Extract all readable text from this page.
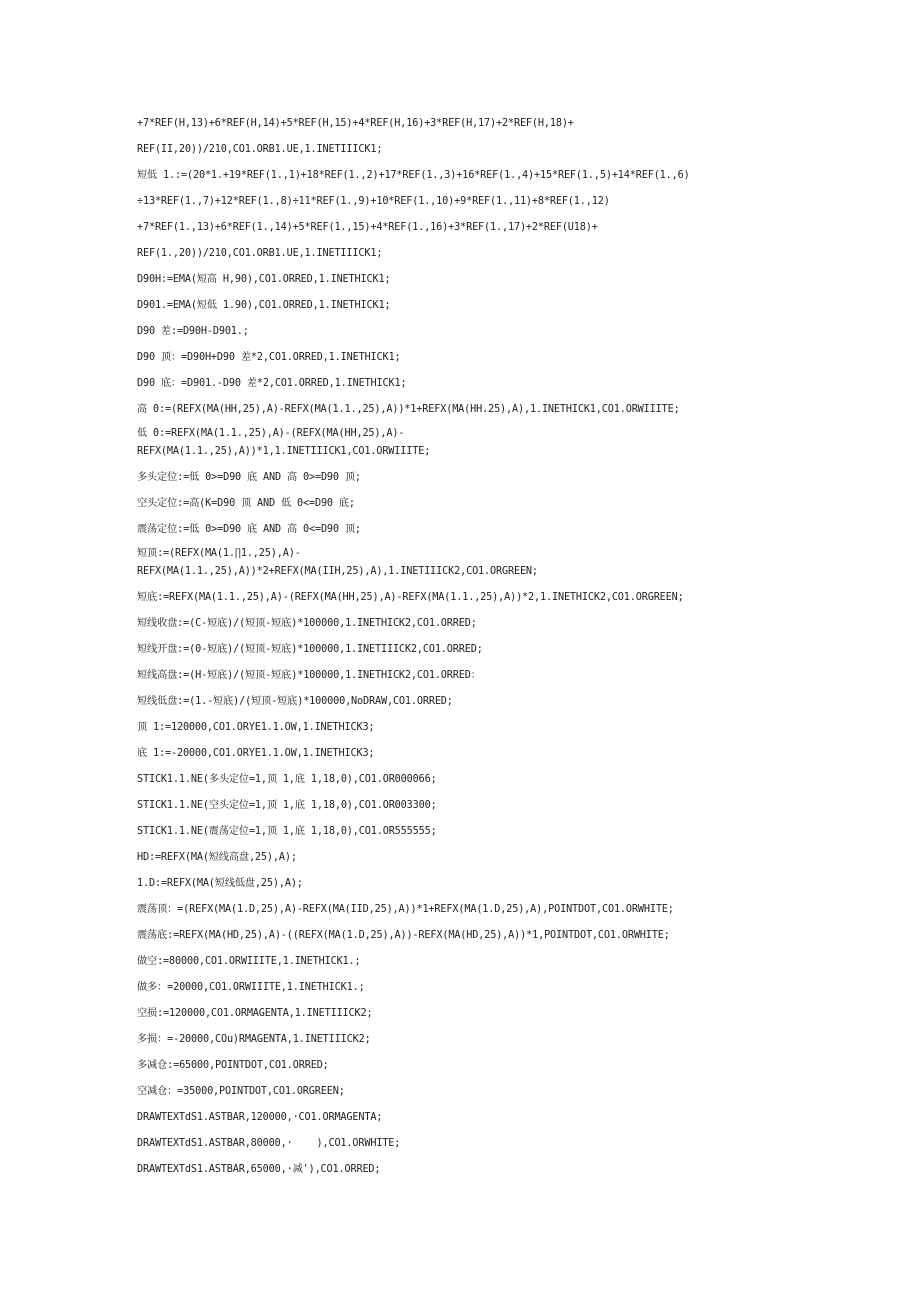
+7*REF(H,13)+6*REF(H,14)+5*REF(H,15)+4*REF(H,16)+3*REF(H,17)+2*REF(H,18)+
REF(II,20))/210,CO1.ORB1.UE,1.INETIIICK1;
短低 1.:=(20*1.+19*REF(1.,1)+18*REF(1.,2)+17*REF(1.,3)+16*REF(1.,4)+15*REF(1.,5)+14*REF(1.,6)
÷13*REF(1.,7)+12*REF(1.,8)÷11*REF(1.,9)+10*REF(1.,10)+9*REF(1.,11)+8*REF(1.,12)
+7*REF(1.,13)+6*REF(1.,14)+5*REF(1.,15)+4*REF(1.,16)+3*REF(1.,17)+2*REF(U18)+
REF(1.,20))/210,CO1.ORB1.UE,1.INETIIICK1;
D90H:=EMA(短高 H,90),CO1.ORRED,1.INETHICK1;
D901.=EMA(短低 1.90),CO1.ORRED,1.INETHICK1;
D90 差:=D90H-D901.;
D90 顶：=D90H+D90 差*2,CO1.ORRED,1.INETHICK1;
D90 底：=D901.-D90 差*2,CO1.ORRED,1.INETHICK1;
高 0:=(REFX(MA(HH,25),A)-REFX(MA(1.1.,25),A))*1+REFX(MA(HH.25),A),1.INETHICK1,CO1.ORWIIITE;
低 0:=REFX(MA(1.1.,25),A)-(REFX(MA(HH,25),A)-
REFX(MA(1.1.,25),A))*1,1.INETIIICK1,CO1.ORWIIITE;
多头定位:=低 0>=D90 底 AND 高 0>=D90 顶;
空头定位:=高(K=D90 顶 AND 低 0<=D90 底;
震荡定位:=低 0>=D90 底 AND 高 0<=D90 顶;
短顶:=(REFX(MA(1.∏1.,25),A)-
REFX(MA(1.1.,25),A))*2+REFX(MA(IIH,25),A),1.INETIIICK2,CO1.ORGREEN;
短底:=REFX(MA(1.1.,25),A)-(REFX(MA(HH,25),A)-REFX(MA(1.1.,25),A))*2,1.INETHICK2,CO1.ORGREEN;
短线收盘:=(C-短底)/(短顶-短底)*100000,1.INETHICK2,CO1.ORRED;
短线开盘:=(0-短底)/(短顶-短底)*100000,1.INETIIICK2,CO1.ORRED;
短线高盘:=(H-短底)/(短顶-短底)*100000,1.INETHICK2,CO1.ORRED：
短线低盘:=(1.-短底)/(短顶-短底)*100000,NoDRAW,CO1.ORRED;
顶 1:=120000,CO1.ORYE1.1.OW,1.INETHICK3;
底 1:=-20000,CO1.ORYE1.1.OW,1.INETHICK3;
STICK1.1.NE(多头定位=1,顶 1,底 1,18,0),CO1.OR000066;
STICK1.1.NE(空头定位=1,顶 1,底 1,18,0),CO1.OR003300;
STICK1.1.NE(震荡定位=1,顶 1,底 1,18,0),CO1.OR555555;
HD:=REFX(MA(短线高盘,25),A);
1.D:=REFX(MA(短线低盘,25),A);
震荡顶：=(REFX(MA(1.D,25),A)-REFX(MA(IID,25),A))*1+REFX(MA(1.D,25),A),POINTDOT,CO1.ORWHITE;
震荡底:=REFX(MA(HD,25),A)-((REFX(MA(1.D,25),A))-REFX(MA(HD,25),A))*1,POINTDOT,CO1.ORWHITE;
做空:=80000,CO1.ORWIIITE,1.INETHICK1.;
做多：=20000,CO1.ORWIIITE,1.INETHICK1.;
空损:=120000,CO1.ORMAGENTA,1.INETIIICK2;
多损：=-20000,COu)RMAGENTA,1.INETIIICK2;
多减仓:=65000,POINTDOT,CO1.ORRED;
空减仓：=35000,POINTDOT,CO1.ORGREEN;
DRAWTEXTdS1.ASTBAR,120000,·CO1.ORMAGENTA;
DRAWTEXTdS1.ASTBAR,80000,·    ),CO1.ORWHITE;
DRAWTEXTdS1.ASTBAR,65000,·减'),CO1.ORRED;
